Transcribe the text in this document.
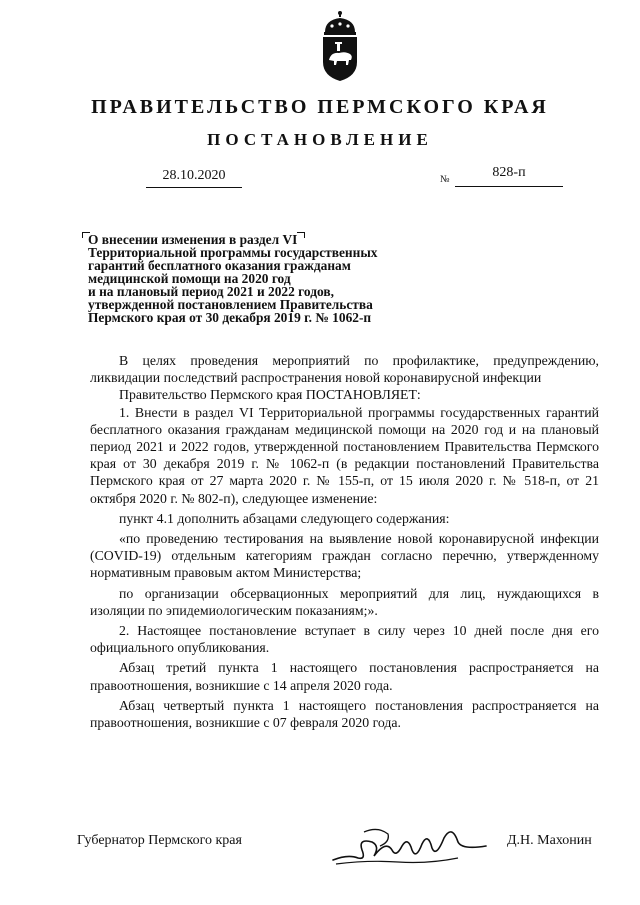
ПРАВИТЕЛЬСТВО ПЕРМСКОГО КРАЯ
ПОСТАНОВЛЕНИЕ
28.10.2020	№	828-п
О внесении изменения в раздел VI
Территориальной программы государственных
гарантий бесплатного оказания гражданам
медицинской помощи на 2020 год
и на плановый период 2021 и 2022 годов,
утвержденной постановлением Правительства
Пермского края от 30 декабря 2019 г. № 1062-п

В целях проведения мероприятий по профилактике, предупреждению, ликвидации последствий распространения новой коронавирусной инфекции

Правительство Пермского края ПОСТАНОВЛЯЕТ:

1. Внести в раздел VI Территориальной программы государственных гарантий бесплатного оказания гражданам медицинской помощи на 2020 год и на плановый период 2021 и 2022 годов, утвержденной постановлением Правительства Пермского края от 30 декабря 2019 г. № 1062-п (в редакции постановлений Правительства Пермского края от 27 марта 2020 г. № 155-п, от 15 июля 2020 г. № 518-п, от 21 октября 2020 г. № 802-п), следующее изменение:

пункт 4.1 дополнить абзацами следующего содержания:

«по проведению тестирования на выявление новой коронавирусной инфекции (COVID-19) отдельным категориям граждан согласно перечню, утвержденному нормативным правовым актом Министерства;

по организации обсервационных мероприятий для лиц, нуждающихся в изоляции по эпидемиологическим показаниям;».

2. Настоящее постановление вступает в силу через 10 дней после дня его официального опубликования.

Абзац третий пункта 1 настоящего постановления распространяется на правоотношения, возникшие с 14 апреля 2020 года.

Абзац четвертый пункта 1 настоящего постановления распространяется на правоотношения, возникшие с 07 февраля 2020 года.

Губернатор Пермского края	Д.Н. Махонин
